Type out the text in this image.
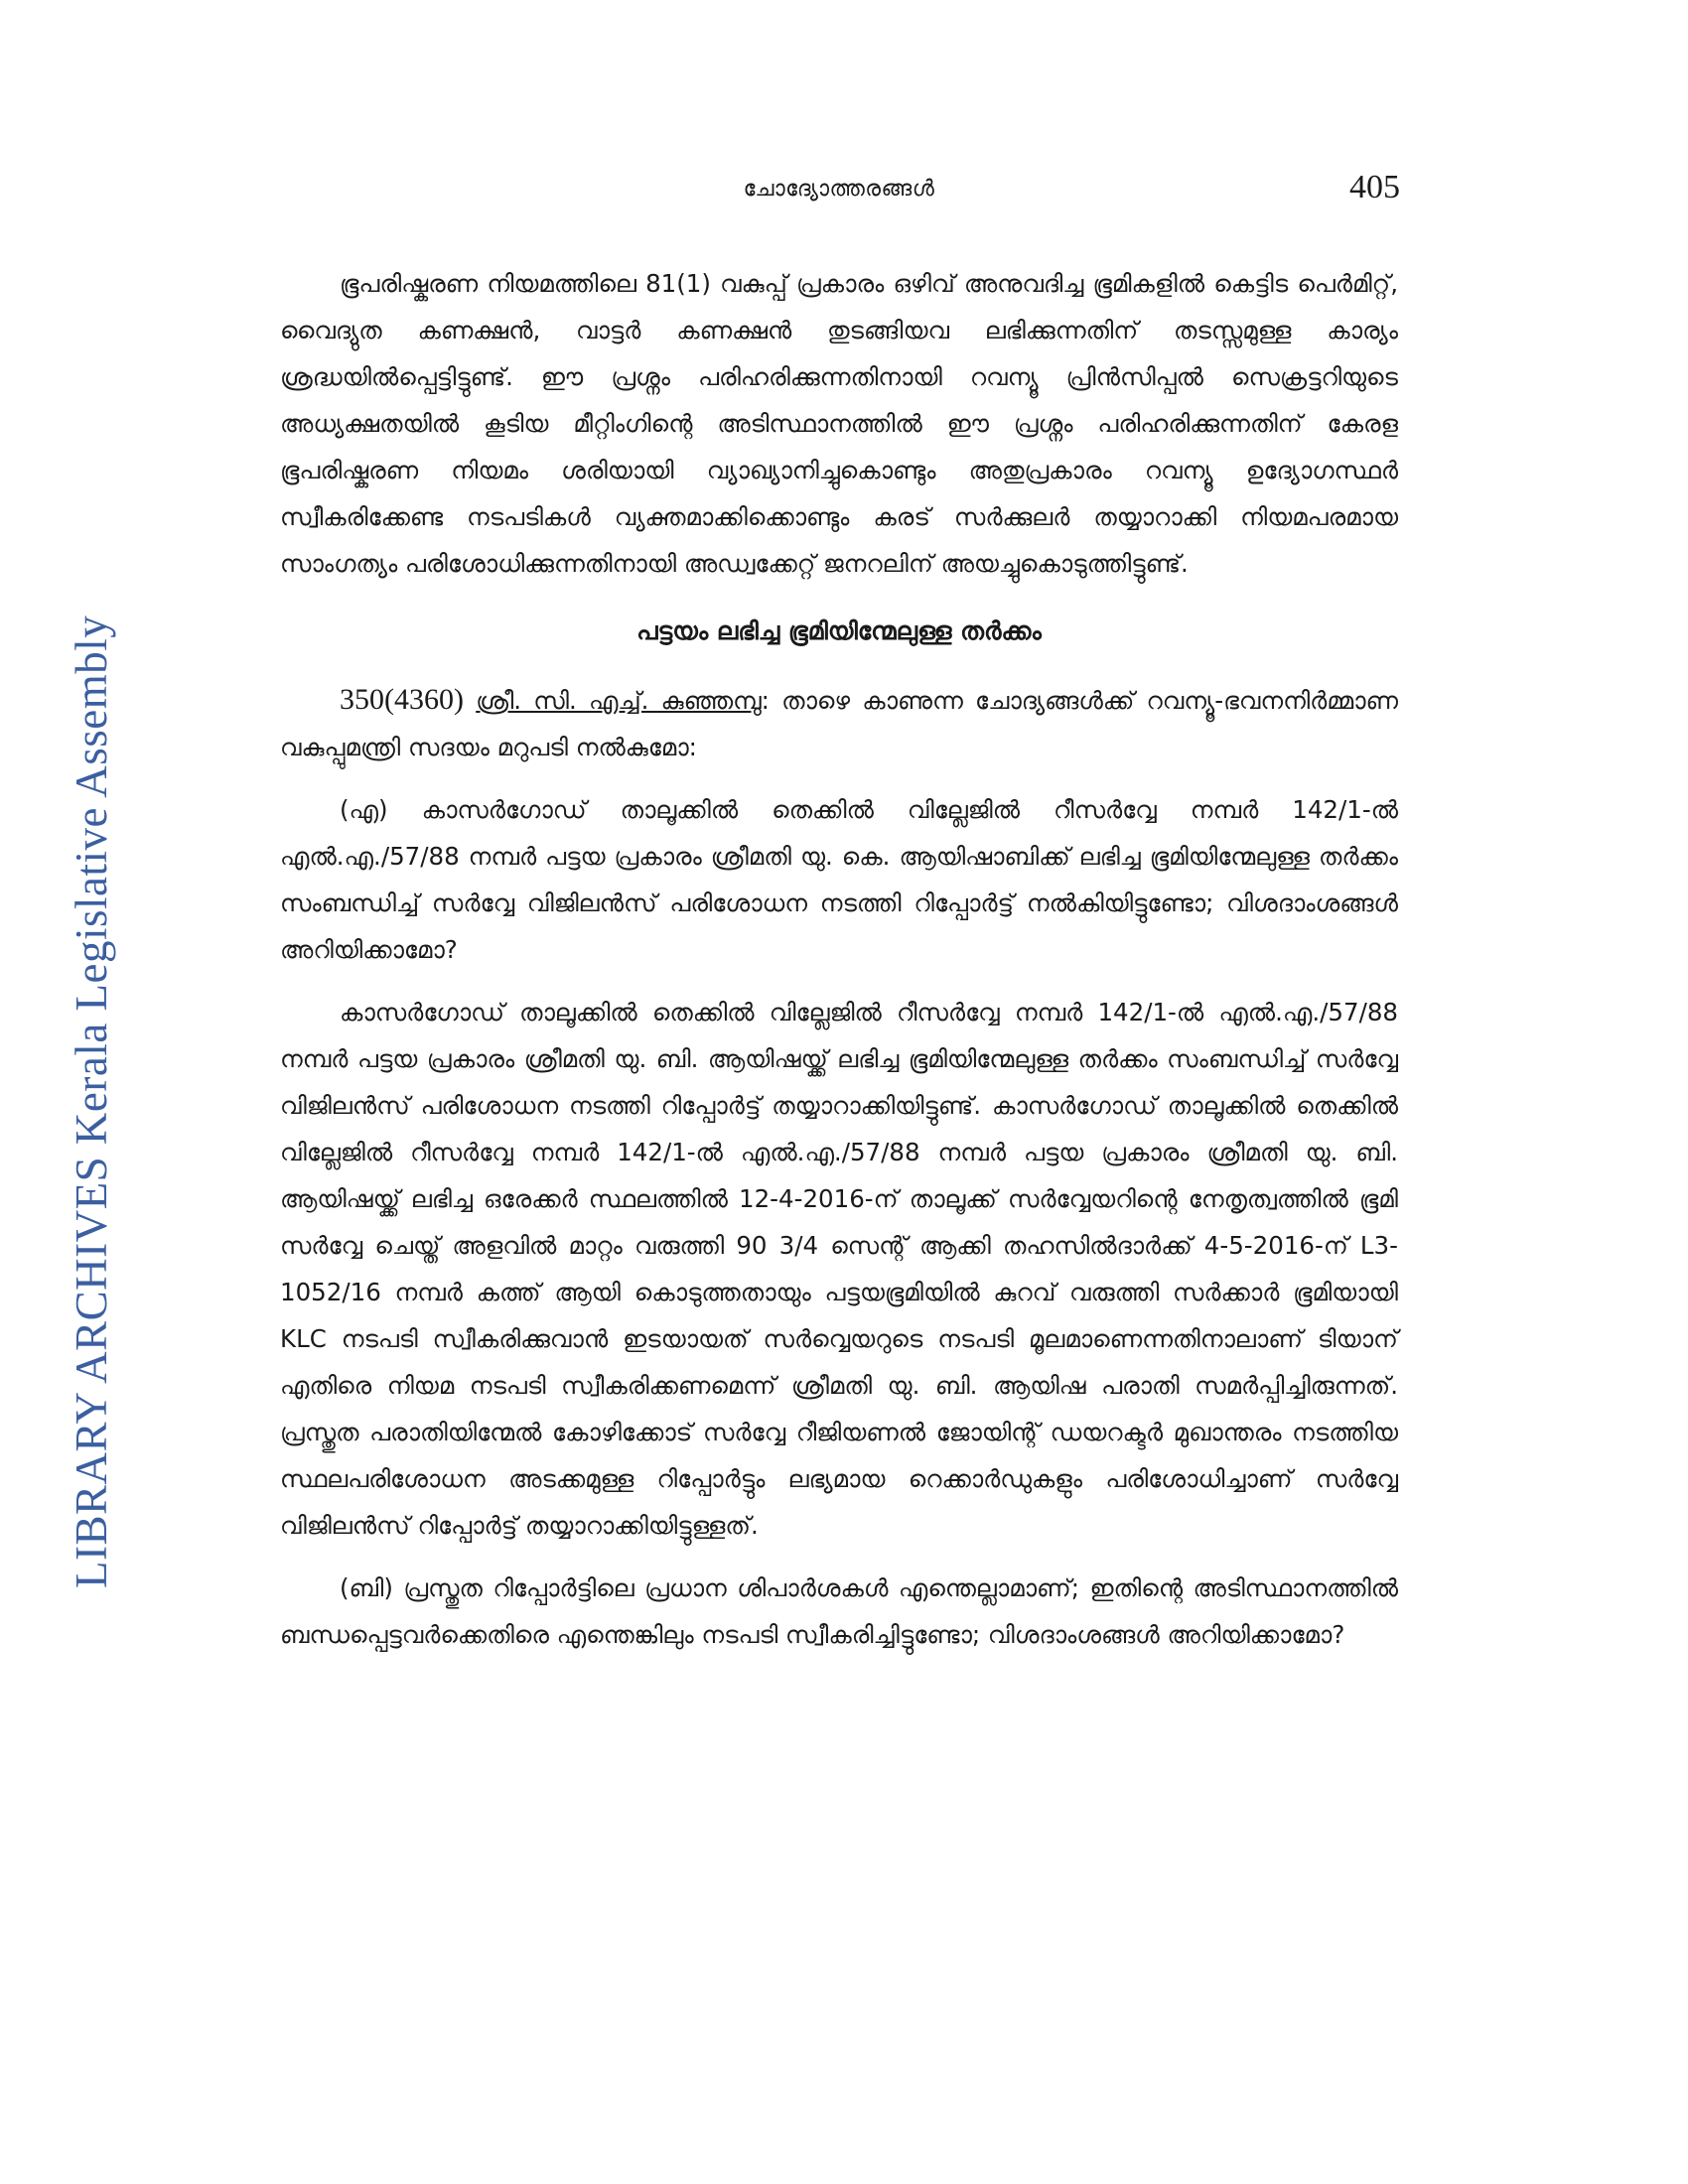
ചോദ്യോത്തരങ്ങൾ	405
LIBRARY ARCHIVES Kerala Legislative Assembly

ഭൂപരിഷ്കരണ നിയമത്തിലെ 81(1) വകുപ്പ് പ്രകാരം ഒഴിവ് അനുവദിച്ച ഭൂമികളിൽ കെട്ടിട പെർമിറ്റ്, വൈദ്യുത കണക്ഷൻ, വാട്ടർ കണക്ഷൻ തുടങ്ങിയവ ലഭിക്കുന്നതിന് തടസ്സമുള്ള കാര്യം ശ്രദ്ധയിൽപ്പെട്ടിട്ടുണ്ട്. ഈ പ്രശ്നം പരിഹരിക്കുന്നതിനായി റവന്യൂ പ്രിൻസിപ്പൽ സെക്രട്ടറിയുടെ അധ്യക്ഷതയിൽ കൂടിയ മീറ്റിംഗിന്റെ അടിസ്ഥാനത്തിൽ ഈ പ്രശ്നം പരിഹരിക്കുന്നതിന് കേരള ഭൂപരിഷ്കരണ നിയമം ശരിയായി വ്യാഖ്യാനിച്ചുകൊണ്ടും അതുപ്രകാരം റവന്യൂ ഉദ്യോഗസ്ഥർ സ്വീകരിക്കേണ്ട നടപടികൾ വ്യക്തമാക്കിക്കൊണ്ടും കരട് സർക്കുലർ തയ്യാറാക്കി നിയമപരമായ സാംഗത്യം പരിശോധിക്കുന്നതിനായി അഡ്വക്കേറ്റ് ജനറലിന് അയച്ചുകൊടുത്തിട്ടുണ്ട്.

പട്ടയം ലഭിച്ച ഭൂമിയിന്മേലുള്ള തർക്കം

350(4360) ശ്രീ. സി. എച്ച്. കുഞ്ഞമ്പു: താഴെ കാണുന്ന ചോദ്യങ്ങൾക്ക് റവന്യൂ-ഭവനനിർമ്മാണ വകുപ്പുമന്ത്രി സദയം മറുപടി നൽകുമോ:

(എ) കാസർഗോഡ് താലൂക്കിൽ തെക്കിൽ വില്ലേജിൽ റീസർവ്വേ നമ്പർ 142/1-ൽ എൽ.എ./57/88 നമ്പർ പട്ടയ പ്രകാരം ശ്രീമതി യു. കെ. ആയിഷാബിക്ക് ലഭിച്ച ഭൂമിയിന്മേലുള്ള തർക്കം സംബന്ധിച്ച് സർവ്വേ വിജിലൻസ് പരിശോധന നടത്തി റിപ്പോർട്ട് നൽകിയിട്ടുണ്ടോ; വിശദാംശങ്ങൾ അറിയിക്കാമോ?

കാസർഗോഡ് താലൂക്കിൽ തെക്കിൽ വില്ലേജിൽ റീസർവ്വേ നമ്പർ 142/1-ൽ എൽ.എ./57/88 നമ്പർ പട്ടയ പ്രകാരം ശ്രീമതി യു. ബി. ആയിഷയ്ക്ക് ലഭിച്ച ഭൂമിയിന്മേലുള്ള തർക്കം സംബന്ധിച്ച് സർവ്വേ വിജിലൻസ് പരിശോധന നടത്തി റിപ്പോർട്ട് തയ്യാറാക്കിയിട്ടുണ്ട്. കാസർഗോഡ് താലൂക്കിൽ തെക്കിൽ വില്ലേജിൽ റീസർവ്വേ നമ്പർ 142/1-ൽ എൽ.എ./57/88 നമ്പർ പട്ടയ പ്രകാരം ശ്രീമതി യു. ബി. ആയിഷയ്ക്ക് ലഭിച്ച ഒരേക്കർ സ്ഥലത്തിൽ 12-4-2016-ന് താലൂക്ക് സർവ്വേയറിന്റെ നേതൃത്വത്തിൽ ഭൂമി സർവ്വേ ചെയ്ത് അളവിൽ മാറ്റം വരുത്തി 90 3/4 സെന്റ് ആക്കി തഹസിൽദാർക്ക് 4-5-2016-ന് L3-1052/16 നമ്പർ കത്ത് ആയി കൊടുത്തതായും പട്ടയഭൂമിയിൽ കുറവ് വരുത്തി സർക്കാർ ഭൂമിയായി KLC നടപടി സ്വീകരിക്കുവാൻ ഇടയായത് സർവ്വെയറുടെ നടപടി മൂലമാണെന്നതിനാലാണ് ടിയാന് എതിരെ നിയമ നടപടി സ്വീകരിക്കണമെന്ന് ശ്രീമതി യു. ബി. ആയിഷ പരാതി സമർപ്പിച്ചിരുന്നത്. പ്രസ്തുത പരാതിയിന്മേൽ കോഴിക്കോട് സർവ്വേ റീജിയണൽ ജോയിന്റ് ഡയറക്ടർ മുഖാന്തരം നടത്തിയ സ്ഥലപരിശോധന അടക്കമുള്ള റിപ്പോർട്ടും ലഭ്യമായ റെക്കാർഡുകളും പരിശോധിച്ചാണ് സർവ്വേ വിജിലൻസ് റിപ്പോർട്ട് തയ്യാറാക്കിയിട്ടുള്ളത്.

(ബി) പ്രസ്തുത റിപ്പോർട്ടിലെ പ്രധാന ശിപാർശകൾ എന്തെല്ലാമാണ്; ഇതിന്റെ അടിസ്ഥാനത്തിൽ ബന്ധപ്പെട്ടവർക്കെതിരെ എന്തെങ്കിലും നടപടി സ്വീകരിച്ചിട്ടുണ്ടോ; വിശദാംശങ്ങൾ അറിയിക്കാമോ?
